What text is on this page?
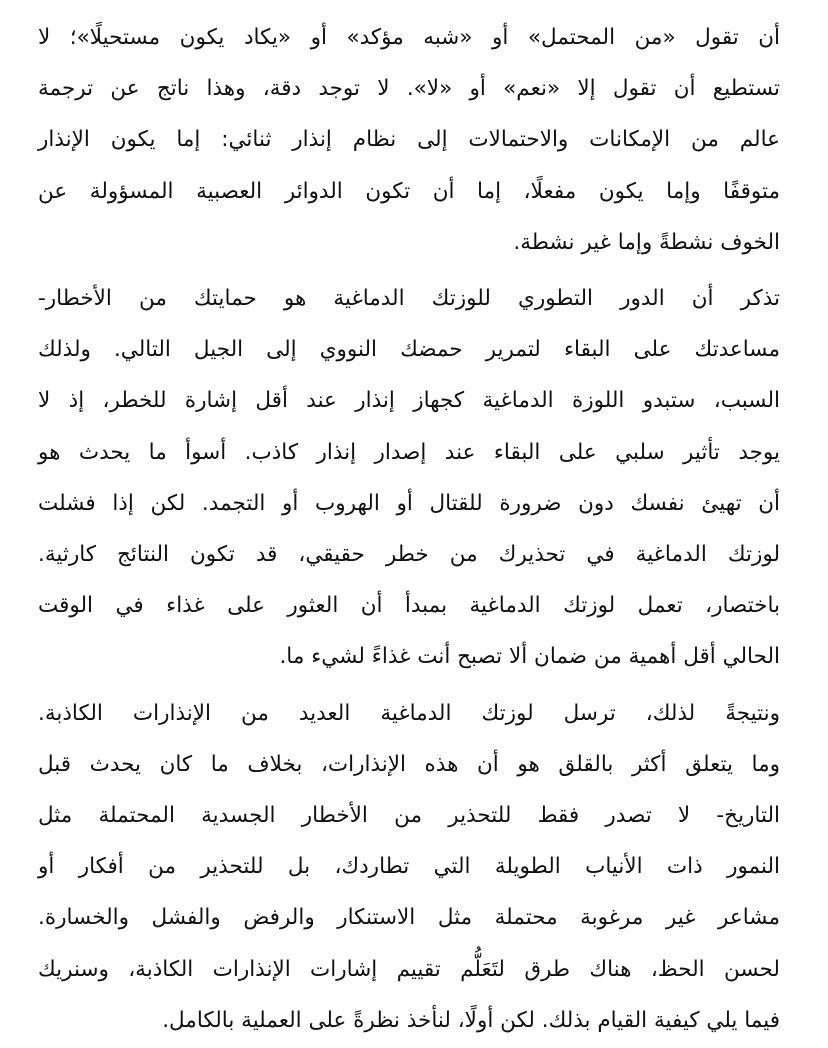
أن تقول «من المحتمل» أو «شبه مؤكد» أو «يكاد يكون مستحيلًا»؛ لا
تستطيع أن تقول إلا «نعم» أو «لا». لا توجد دقة، وهذا ناتج عن ترجمة
عالم من الإمكانات والاحتمالات إلى نظام إنذار ثنائي: إما يكون الإنذار
متوقفًا وإما يكون مفعلًا، إما أن تكون الدوائر العصبية المسؤولة عن
الخوف نشطةً وإما غير نشطة.
تذكر أن الدور التطوري للوزتك الدماغية هو حمايتك من الأخطار-
مساعدتك على البقاء لتمرير حمضك النووي إلى الجيل التالي. ولذلك
السبب، ستبدو اللوزة الدماغية كجهاز إنذار عند أقل إشارة للخطر، إذ لا
يوجد تأثير سلبي على البقاء عند إصدار إنذار كاذب. أسوأ ما يحدث هو
أن تهيئ نفسك دون ضرورة للقتال أو الهروب أو التجمد. لكن إذا فشلت
لوزتك الدماغية في تحذيرك من خطر حقيقي، قد تكون النتائج كارثية.
باختصار، تعمل لوزتك الدماغية بمبدأ أن العثور على غذاء في الوقت
الحالي أقل أهمية من ضمان ألا تصبح أنت غذاءً لشيء ما.
ونتيجةً لذلك، ترسل لوزتك الدماغية العديد من الإنذارات الكاذبة.
وما يتعلق أكثر بالقلق هو أن هذه الإنذارات، بخلاف ما كان يحدث قبل
التاريخ- لا تصدر فقط للتحذير من الأخطار الجسدية المحتملة مثل
النمور ذات الأنياب الطويلة التي تطاردك، بل للتحذير من أفكار أو
مشاعر غير مرغوبة محتملة مثل الاستنكار والرفض والفشل والخسارة.
لحسن الحظ، هناك طرق لتَعَلُّم تقييم إشارات الإنذارات الكاذبة، وسنريك
فيما يلي كيفية القيام بذلك. لكن أولًا، لنأخذ نظرةً على العملية بالكامل.
